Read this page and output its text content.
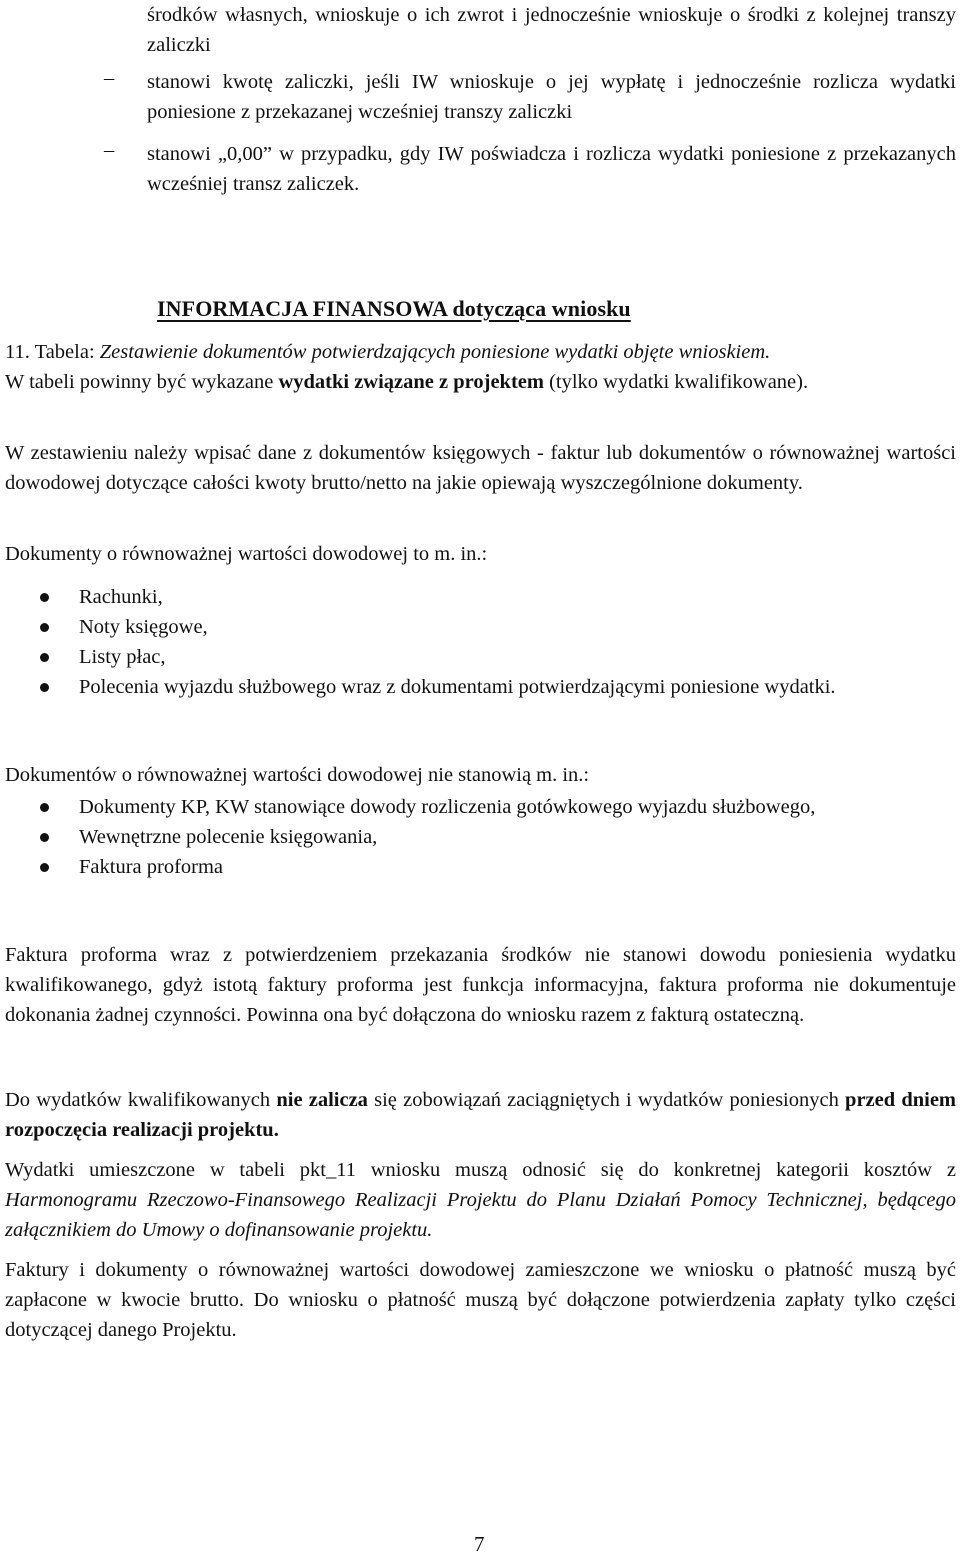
środków własnych, wnioskuje o ich zwrot i jednocześnie wnioskuje o środki z kolejnej transzy zaliczki

– stanowi kwotę zaliczki, jeśli IW wnioskuje o jej wypłatę i jednocześnie rozlicza wydatki poniesione z przekazanej wcześniej transzy zaliczki
– stanowi „0,00” w przypadku, gdy IW poświadcza i rozlicza wydatki poniesione z przekazanych wcześniej transz zaliczek.
INFORMACJA FINANSOWA dotycząca wniosku

11. Tabela: Zestawienie dokumentów potwierdzających poniesione wydatki objęte wnioskiem.

W tabeli powinny być wykazane wydatki związane z projektem (tylko wydatki kwalifikowane).

W zestawieniu należy wpisać dane z dokumentów księgowych - faktur lub dokumentów o równoważnej wartości dowodowej dotyczące całości kwoty brutto/netto na jakie opiewają wyszczególnione dokumenty.

Dokumenty o równoważnej wartości dowodowej to m. in.:

Rachunki,
Noty księgowe,
Listy płac,
Polecenia wyjazdu służbowego wraz z dokumentami potwierdzającymi poniesione wydatki.

Dokumentów o równoważnej wartości dowodowej nie stanowią m. in.:

Dokumenty KP, KW stanowiące dowody rozliczenia gotówkowego wyjazdu służbowego,
Wewnętrzne polecenie księgowania,
Faktura proforma

Faktura proforma wraz z potwierdzeniem przekazania środków nie stanowi dowodu poniesienia wydatku kwalifikowanego, gdyż istotą faktury proforma jest funkcja informacyjna, faktura proforma nie dokumentuje dokonania żadnej czynności. Powinna ona być dołączona do wniosku razem z fakturą ostateczną.

Do wydatków kwalifikowanych nie zalicza się zobowiązań zaciągniętych i wydatków poniesionych przed dniem rozpoczęcia realizacji projektu.

Wydatki umieszczone w tabeli pkt_11 wniosku muszą odnosić się do konkretnej kategorii kosztów z Harmonogramu Rzeczowo-Finansowego Realizacji Projektu do Planu Działań Pomocy Technicznej, będącego załącznikiem do Umowy o dofinansowanie projektu.

Faktury i dokumenty o równoważnej wartości dowodowej zamieszczone we wniosku o płatność muszą być zapłacone w kwocie brutto. Do wniosku o płatność muszą być dołączone potwierdzenia zapłaty tylko części dotyczącej danego Projektu.

7
